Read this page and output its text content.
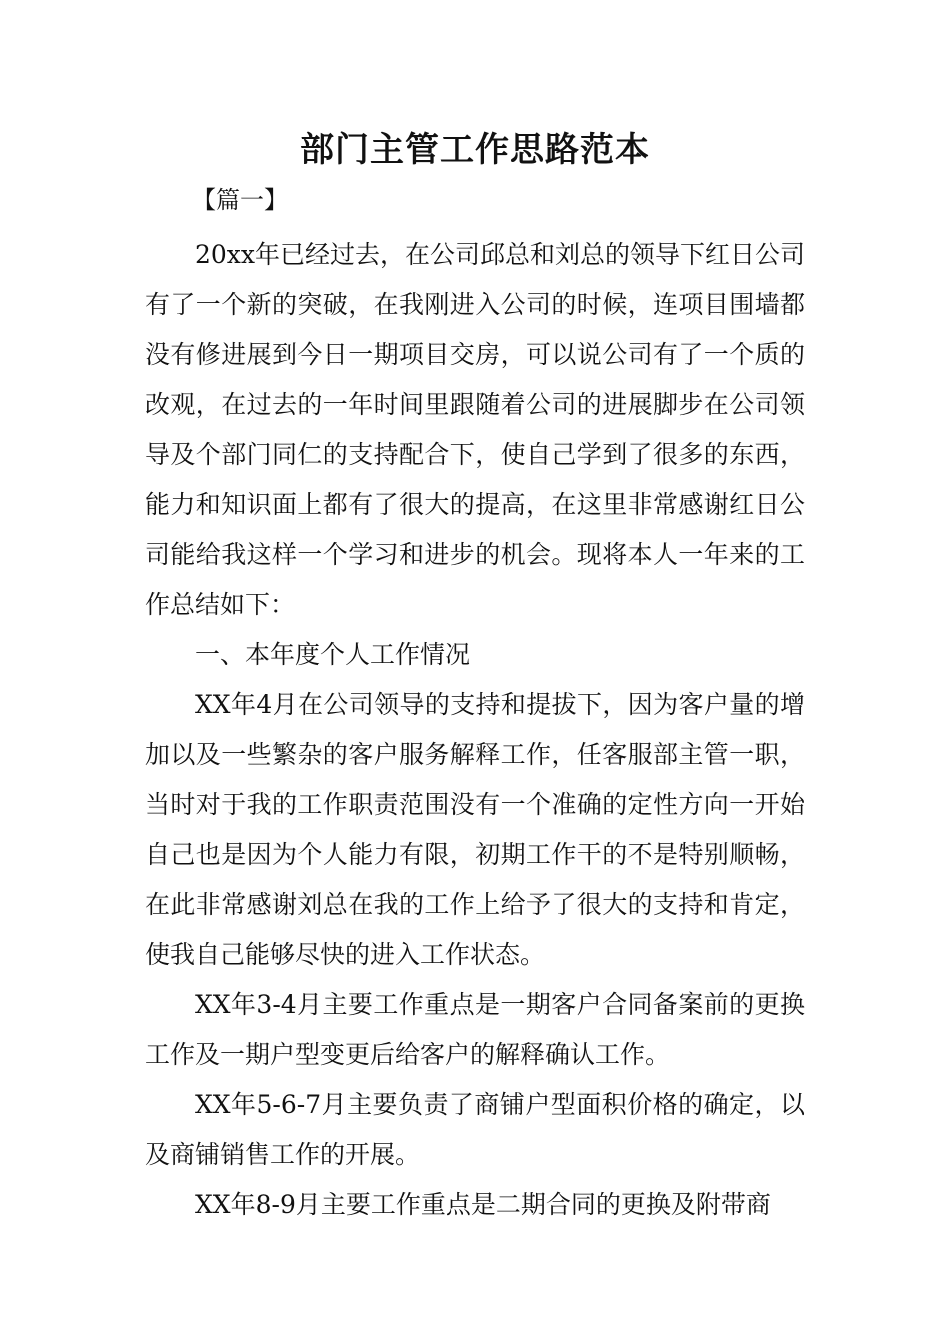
部门主管工作思路范本
【篇一】

20xx年已经过去，在公司邱总和刘总的领导下红日公司有了一个新的突破，在我刚进入公司的时候，连项目围墙都没有修进展到今日一期项目交房，可以说公司有了一个质的改观，在过去的一年时间里跟随着公司的进展脚步在公司领导及个部门同仁的支持配合下，使自己学到了很多的东西，能力和知识面上都有了很大的提高，在这里非常感谢红日公司能给我这样一个学习和进步的机会。现将本人一年来的工作总结如下：

一、本年度个人工作情况

XX年4月在公司领导的支持和提拔下，因为客户量的增加以及一些繁杂的客户服务解释工作，任客服部主管一职，当时对于我的工作职责范围没有一个准确的定性方向一开始自己也是因为个人能力有限，初期工作干的不是特别顺畅，在此非常感谢刘总在我的工作上给予了很大的支持和肯定，使我自己能够尽快的进入工作状态。

XX年3-4月主要工作重点是一期客户合同备案前的更换工作及一期户型变更后给客户的解释确认工作。

XX年5-6-7月主要负责了商铺户型面积价格的确定，以及商铺销售工作的开展。

XX年8-9月主要工作重点是二期合同的更换及附带商
